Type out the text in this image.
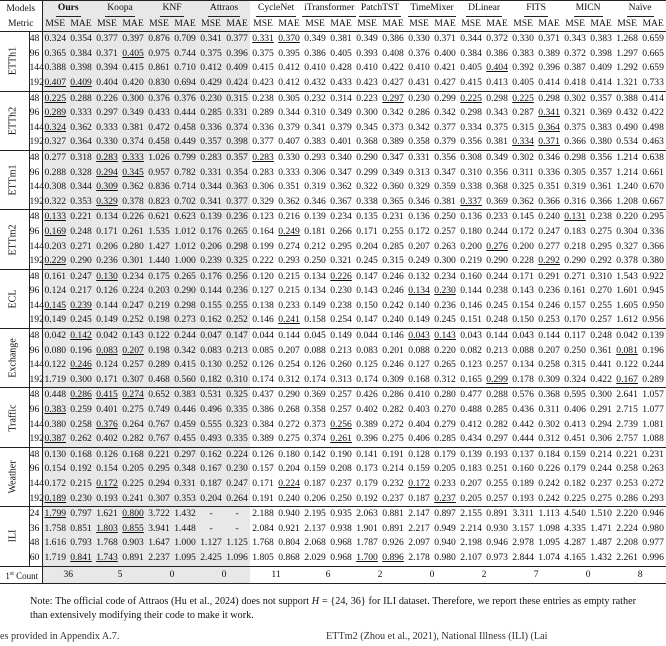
Models		Ours		Koopa		KNF		Attraos		CycleNet		iTransformer		PatchTST		TimeMixer		DLinear		FITS		MICN		Naïve	
Metric		MSE	MAE	MSE	MAE	MSE	MAE	MSE	MAE	MSE	MAE	MSE	MAE	MSE	MAE	MSE	MAE	MSE	MAE	MSE	MAE	MSE	MAE	MSE	MAE

ETTh1	48	0.324	0.354	0.377	0.397	0.876	0.709	0.341	0.377	0.331	0.370	0.349	0.381	0.349	0.386	0.330	0.371	0.344	0.372	0.330	0.371	0.343	0.383	1.268	0.659
	96	0.365	0.384	0.371	0.405	0.975	0.744	0.375	0.396	0.375	0.395	0.386	0.405	0.393	0.408	0.376	0.400	0.384	0.386	0.383	0.389	0.372	0.398	1.297	0.665
	144	0.388	0.398	0.394	0.415	0.861	0.710	0.412	0.409	0.415	0.412	0.410	0.428	0.410	0.422	0.410	0.421	0.405	0.404	0.392	0.396	0.387	0.409	1.292	0.659
	192	0.407	0.409	0.404	0.420	0.830	0.694	0.429	0.424	0.423	0.412	0.432	0.433	0.423	0.427	0.431	0.427	0.415	0.413	0.405	0.414	0.418	0.414	1.321	0.733

ETTh2	48	0.225	0.288	0.226	0.300	0.376	0.376	0.230	0.315	0.238	0.305	0.232	0.314	0.223	0.297	0.230	0.299	0.225	0.298	0.225	0.298	0.302	0.357	0.388	0.414
	96	0.289	0.333	0.297	0.349	0.433	0.444	0.285	0.331	0.289	0.344	0.310	0.349	0.300	0.342	0.286	0.342	0.298	0.343	0.287	0.341	0.321	0.369	0.432	0.422
	144	0.324	0.362	0.333	0.381	0.472	0.458	0.336	0.374	0.336	0.379	0.341	0.379	0.345	0.373	0.342	0.377	0.334	0.375	0.315	0.364	0.375	0.383	0.490	0.498
	192	0.327	0.364	0.330	0.374	0.458	0.449	0.357	0.398	0.377	0.407	0.383	0.401	0.368	0.389	0.358	0.379	0.356	0.381	0.334	0.371	0.366	0.380	0.534	0.463

ETTm1	48	0.277	0.318	0.283	0.333	1.026	0.799	0.283	0.357	0.283	0.330	0.293	0.340	0.290	0.347	0.331	0.356	0.308	0.349	0.302	0.346	0.298	0.356	1.214	0.638
	96	0.288	0.328	0.294	0.345	0.957	0.782	0.331	0.354	0.283	0.333	0.306	0.347	0.299	0.349	0.313	0.347	0.310	0.356	0.311	0.336	0.305	0.357	1.214	0.661
	144	0.308	0.344	0.309	0.362	0.836	0.714	0.344	0.363	0.306	0.351	0.319	0.362	0.322	0.360	0.329	0.359	0.338	0.368	0.325	0.351	0.319	0.361	1.240	0.670
	192	0.322	0.353	0.329	0.378	0.823	0.702	0.341	0.377	0.329	0.362	0.346	0.367	0.338	0.365	0.346	0.381	0.337	0.369	0.362	0.366	0.316	0.366	1.208	0.667

ETTm2	48	0.133	0.221	0.134	0.226	0.621	0.623	0.139	0.236	0.123	0.216	0.139	0.234	0.135	0.231	0.136	0.250	0.136	0.233	0.145	0.240	0.131	0.238	0.220	0.295
	96	0.169	0.248	0.171	0.261	1.535	1.012	0.176	0.265	0.164	0.249	0.181	0.266	0.171	0.255	0.172	0.257	0.180	0.244	0.172	0.247	0.183	0.275	0.304	0.336
	144	0.203	0.271	0.206	0.280	1.427	1.012	0.206	0.298	0.199	0.274	0.212	0.295	0.204	0.285	0.207	0.263	0.200	0.276	0.200	0.277	0.218	0.295	0.327	0.366
	192	0.229	0.290	0.236	0.301	1.440	1.000	0.239	0.325	0.222	0.293	0.250	0.321	0.245	0.315	0.249	0.300	0.219	0.290	0.228	0.292	0.290	0.292	0.378	0.380

ECL	48	0.161	0.247	0.130	0.234	0.175	0.265	0.176	0.256	0.120	0.215	0.134	0.226	0.147	0.246	0.132	0.234	0.160	0.244	0.171	0.291	0.271	0.310	1.543	0.922
	96	0.124	0.217	0.126	0.224	0.203	0.290	0.144	0.236	0.127	0.215	0.134	0.230	0.143	0.246	0.134	0.230	0.144	0.238	0.143	0.236	0.161	0.270	1.601	0.945
	144	0.145	0.239	0.144	0.247	0.219	0.298	0.155	0.255	0.138	0.233	0.149	0.238	0.150	0.242	0.140	0.236	0.146	0.245	0.154	0.246	0.157	0.255	1.605	0.950
	192	0.149	0.245	0.149	0.252	0.198	0.273	0.162	0.252	0.146	0.241	0.158	0.254	0.147	0.240	0.149	0.245	0.151	0.248	0.150	0.253	0.170	0.257	1.612	0.956

Exchange	48	0.042	0.142	0.042	0.143	0.122	0.244	0.047	0.147	0.044	0.144	0.045	0.149	0.044	0.146	0.043	0.143	0.043	0.144	0.043	0.144	0.117	0.248	0.042	0.139
	96	0.080	0.196	0.083	0.207	0.198	0.342	0.083	0.213	0.085	0.207	0.088	0.213	0.083	0.201	0.088	0.220	0.082	0.213	0.088	0.207	0.250	0.361	0.081	0.196
	144	0.122	0.246	0.124	0.257	0.289	0.415	0.130	0.252	0.126	0.254	0.126	0.260	0.125	0.246	0.127	0.265	0.123	0.257	0.134	0.258	0.315	0.441	0.122	0.244
	192	1.719	0.300	0.171	0.307	0.468	0.560	0.182	0.310	0.174	0.312	0.174	0.313	0.174	0.309	0.168	0.312	0.165	0.299	0.178	0.309	0.324	0.422	0.167	0.289

Traffic	48	0.448	0.286	0.415	0.274	0.652	0.383	0.531	0.325	0.437	0.290	0.369	0.257	0.426	0.286	0.410	0.280	0.477	0.288	0.576	0.368	0.595	0.300	2.641	1.057
	96	0.383	0.259	0.401	0.275	0.749	0.446	0.496	0.335	0.386	0.268	0.358	0.257	0.402	0.282	0.403	0.270	0.488	0.285	0.436	0.311	0.406	0.291	2.715	1.077
	144	0.380	0.258	0.376	0.264	0.767	0.459	0.555	0.323	0.384	0.272	0.373	0.256	0.389	0.272	0.404	0.279	0.412	0.282	0.442	0.302	0.413	0.294	2.739	1.081
	192	0.387	0.262	0.402	0.282	0.767	0.455	0.493	0.335	0.389	0.275	0.374	0.261	0.396	0.275	0.406	0.285	0.434	0.297	0.444	0.312	0.451	0.306	2.757	1.088

Weather	48	0.130	0.168	0.126	0.168	0.221	0.297	0.162	0.224	0.126	0.180	0.142	0.190	0.141	0.191	0.128	0.179	0.139	0.193	0.137	0.184	0.159	0.214	0.221	0.231
	96	0.154	0.192	0.154	0.205	0.295	0.348	0.167	0.230	0.157	0.204	0.159	0.208	0.173	0.214	0.159	0.205	0.183	0.251	0.160	0.226	0.179	0.244	0.258	0.263
	144	0.172	0.215	0.172	0.225	0.294	0.331	0.187	0.247	0.171	0.224	0.187	0.237	0.179	0.232	0.172	0.233	0.207	0.255	0.189	0.242	0.182	0.237	0.253	0.272
	192	0.189	0.230	0.193	0.241	0.307	0.353	0.204	0.264	0.191	0.240	0.206	0.250	0.192	0.237	0.187	0.237	0.205	0.257	0.193	0.242	0.225	0.275	0.286	0.293

ILI	24	1.799	0.797	1.621	0.800	3.722	1.432	-	-	2.188	0.940	2.195	0.935	2.063	0.881	2.147	0.897	2.155	0.891	3.311	1.113	4.540	1.510	2.220	0.946
	36	1.758	0.851	1.803	0.855	3.941	1.448	-	-	2.084	0.921	2.137	0.938	1.901	0.891	2.217	0.949	2.214	0.930	3.157	1.098	4.335	1.471	2.224	0.980
	48	1.616	0.793	1.768	0.903	1.647	1.000	1.127	1.125	1.768	0.804	2.068	0.968	1.787	0.926	2.097	0.940	2.198	0.946	2.978	1.095	4.287	1.487	2.208	0.977
	60	1.719	0.841	1.743	0.891	2.237	1.095	2.425	1.096	1.805	0.868	2.029	0.968	1.700	0.896	2.178	0.980	2.107	0.973	2.844	1.074	4.165	1.432	2.261	0.996
1st Count		36		5		0		0		11		6		2		0		2		7		0		8	
Note: The official code of Attraos (Hu et al., 2024) does not support H = {24, 36} for ILI dataset. Therefore, we report these entries as empty rather than extensively modifying their code to make it work.
es provided in Appendix A.7.	ETTm2 (Zhou et al., 2021), National Illness (ILI) (Lai
